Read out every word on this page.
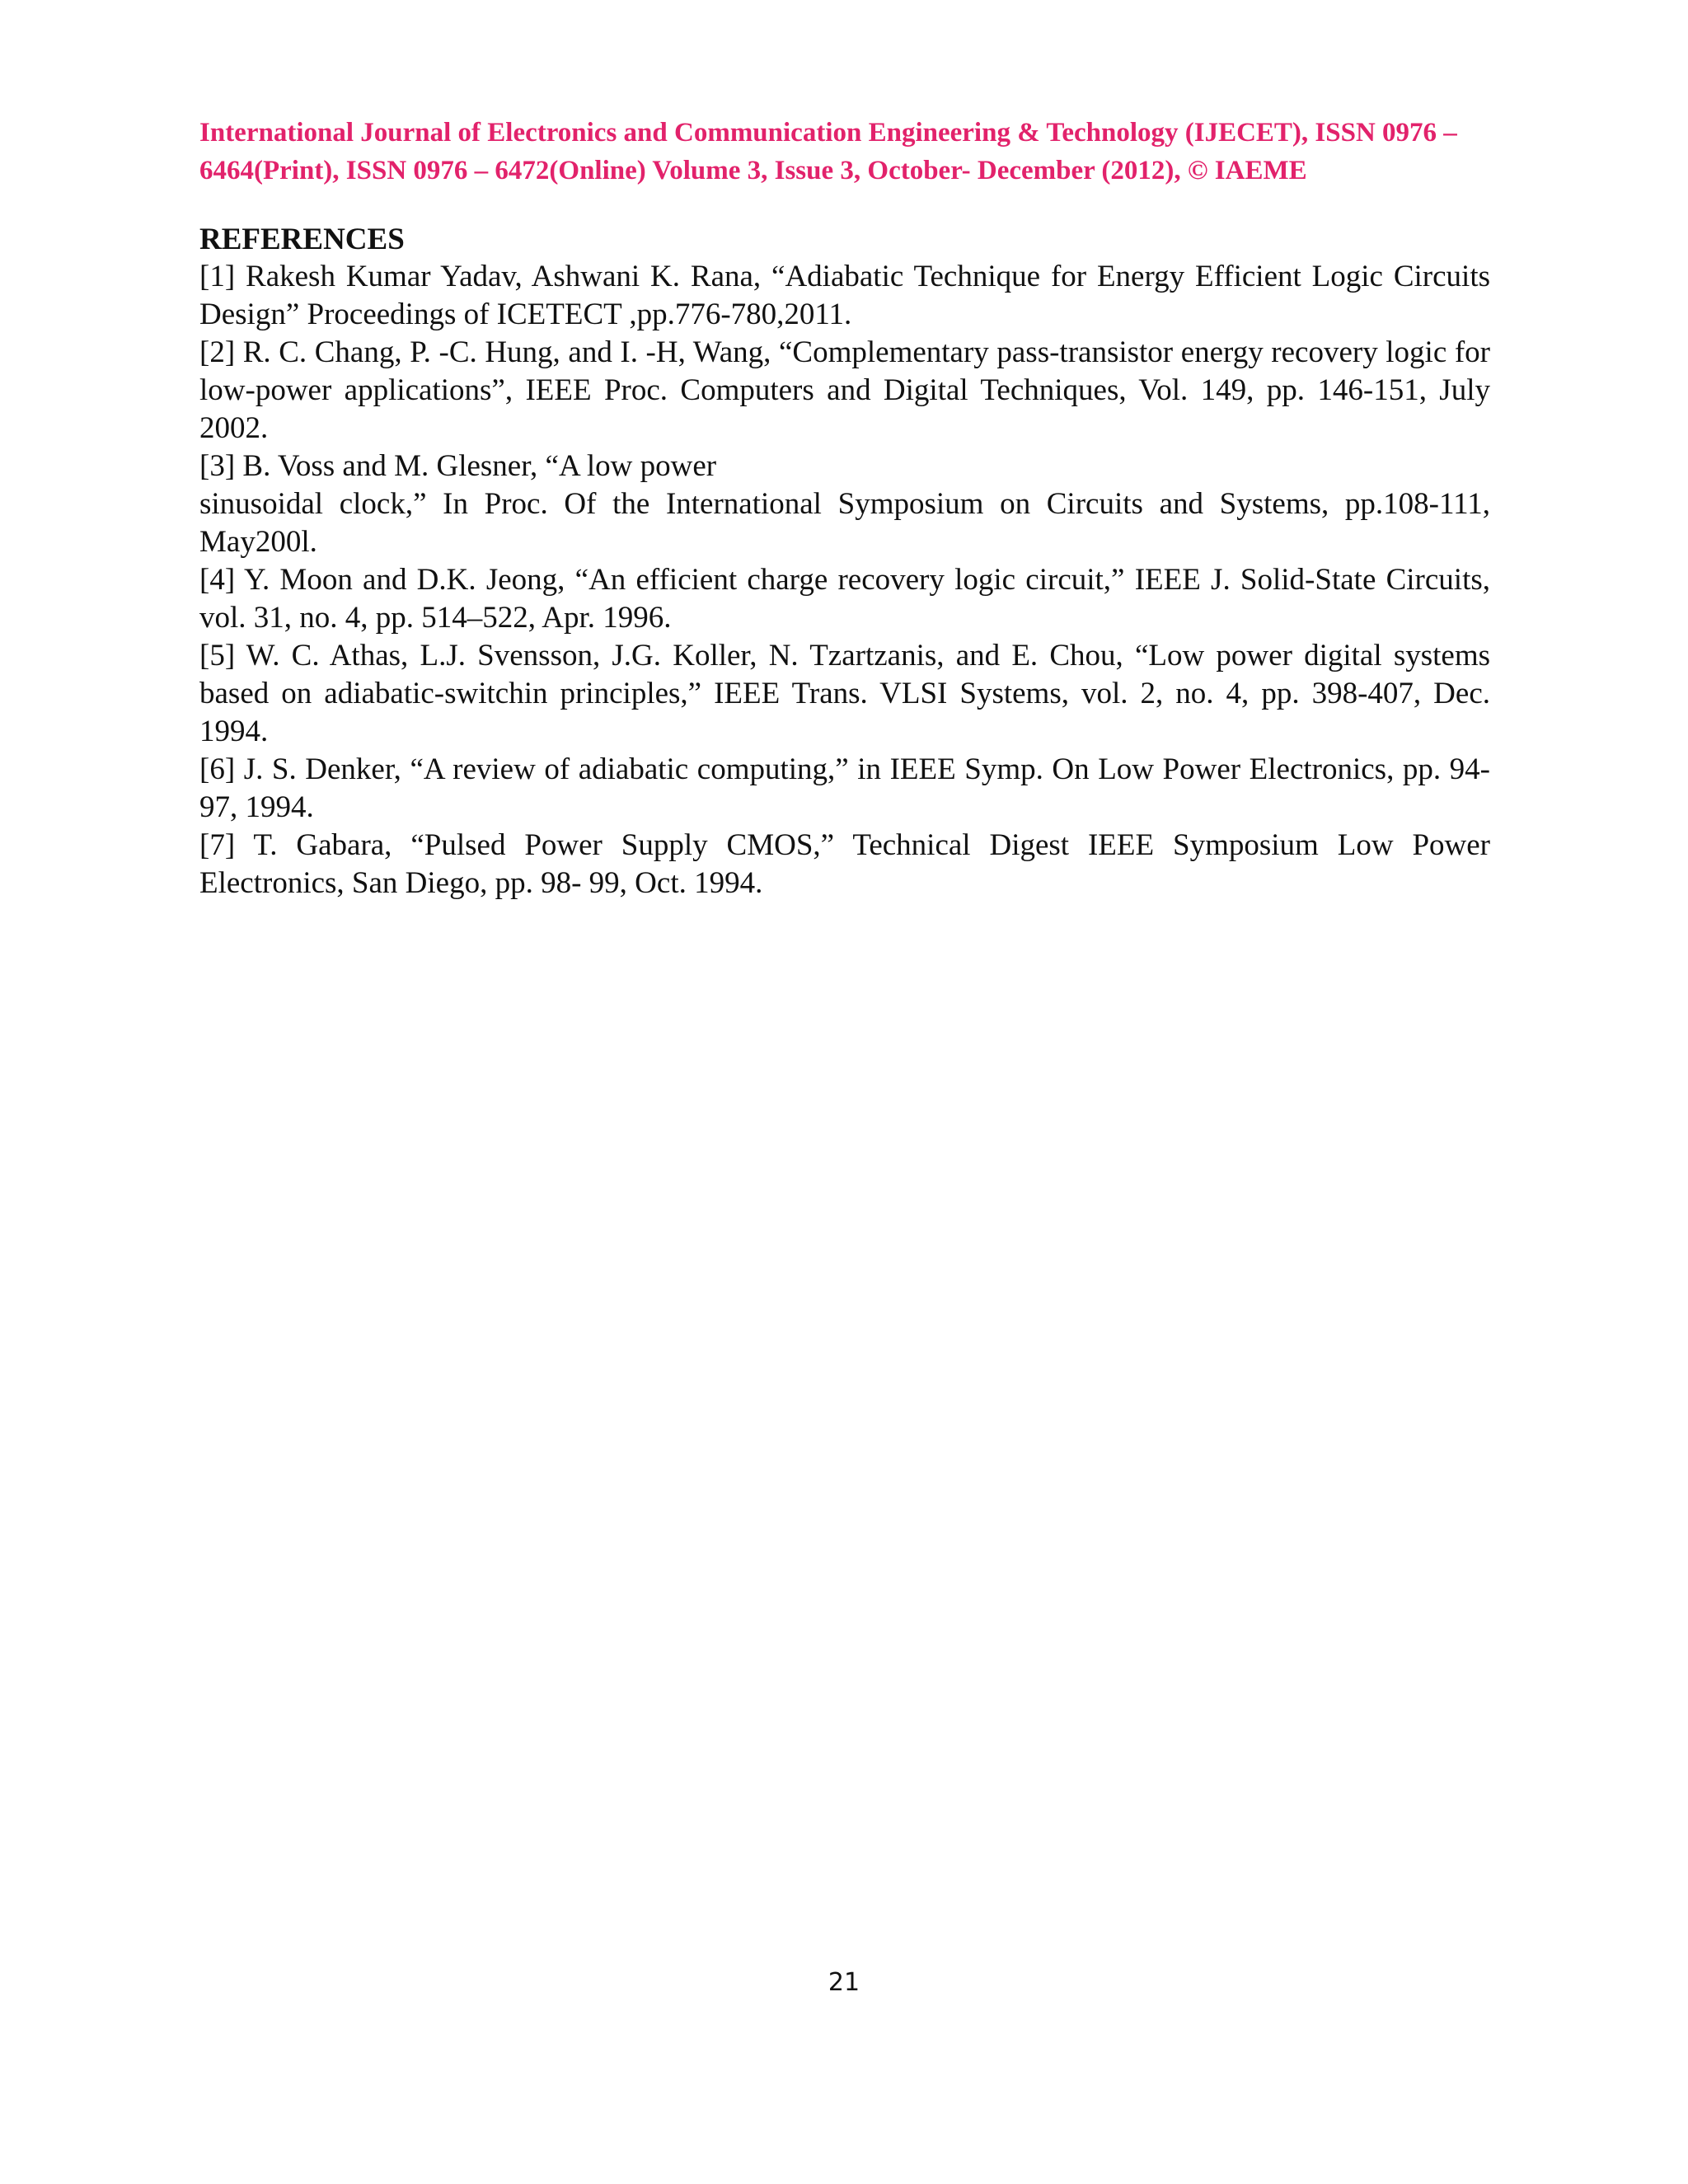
International Journal of Electronics and Communication Engineering & Technology (IJECET), ISSN 0976 –
6464(Print), ISSN 0976 – 6472(Online) Volume 3, Issue 3, October- December (2012), © IAEME
REFERENCES

[1] Rakesh Kumar Yadav, Ashwani K. Rana, “Adiabatic Technique for Energy Efficient Logic Circuits Design” Proceedings of ICETECT ,pp.776-780,2011.

[2] R. C. Chang, P. -C. Hung, and I. -H, Wang, “Complementary pass-transistor energy recovery logic for low-power applications”, IEEE Proc. Computers and Digital Techniques, Vol. 149, pp. 146-151, July 2002.

[3] B. Voss and M. Glesner, “A low power
sinusoidal clock,” In Proc. Of the International Symposium on Circuits and Systems, pp.108-111, May200l.

[4] Y. Moon and D.K. Jeong, “An efficient charge recovery logic circuit,” IEEE J. Solid-State Circuits, vol. 31, no. 4, pp. 514–522, Apr. 1996.

[5] W. C. Athas, L.J. Svensson, J.G. Koller, N. Tzartzanis, and E. Chou, “Low power digital systems based on adiabatic-switchin principles,” IEEE Trans. VLSI Systems, vol. 2, no. 4, pp. 398-407, Dec. 1994.

[6] J. S. Denker, “A review of adiabatic computing,” in IEEE Symp. On Low Power Electronics, pp. 94-97, 1994.

[7] T. Gabara, “Pulsed Power Supply CMOS,” Technical Digest IEEE Symposium Low Power Electronics, San Diego, pp. 98- 99, Oct. 1994.

21
